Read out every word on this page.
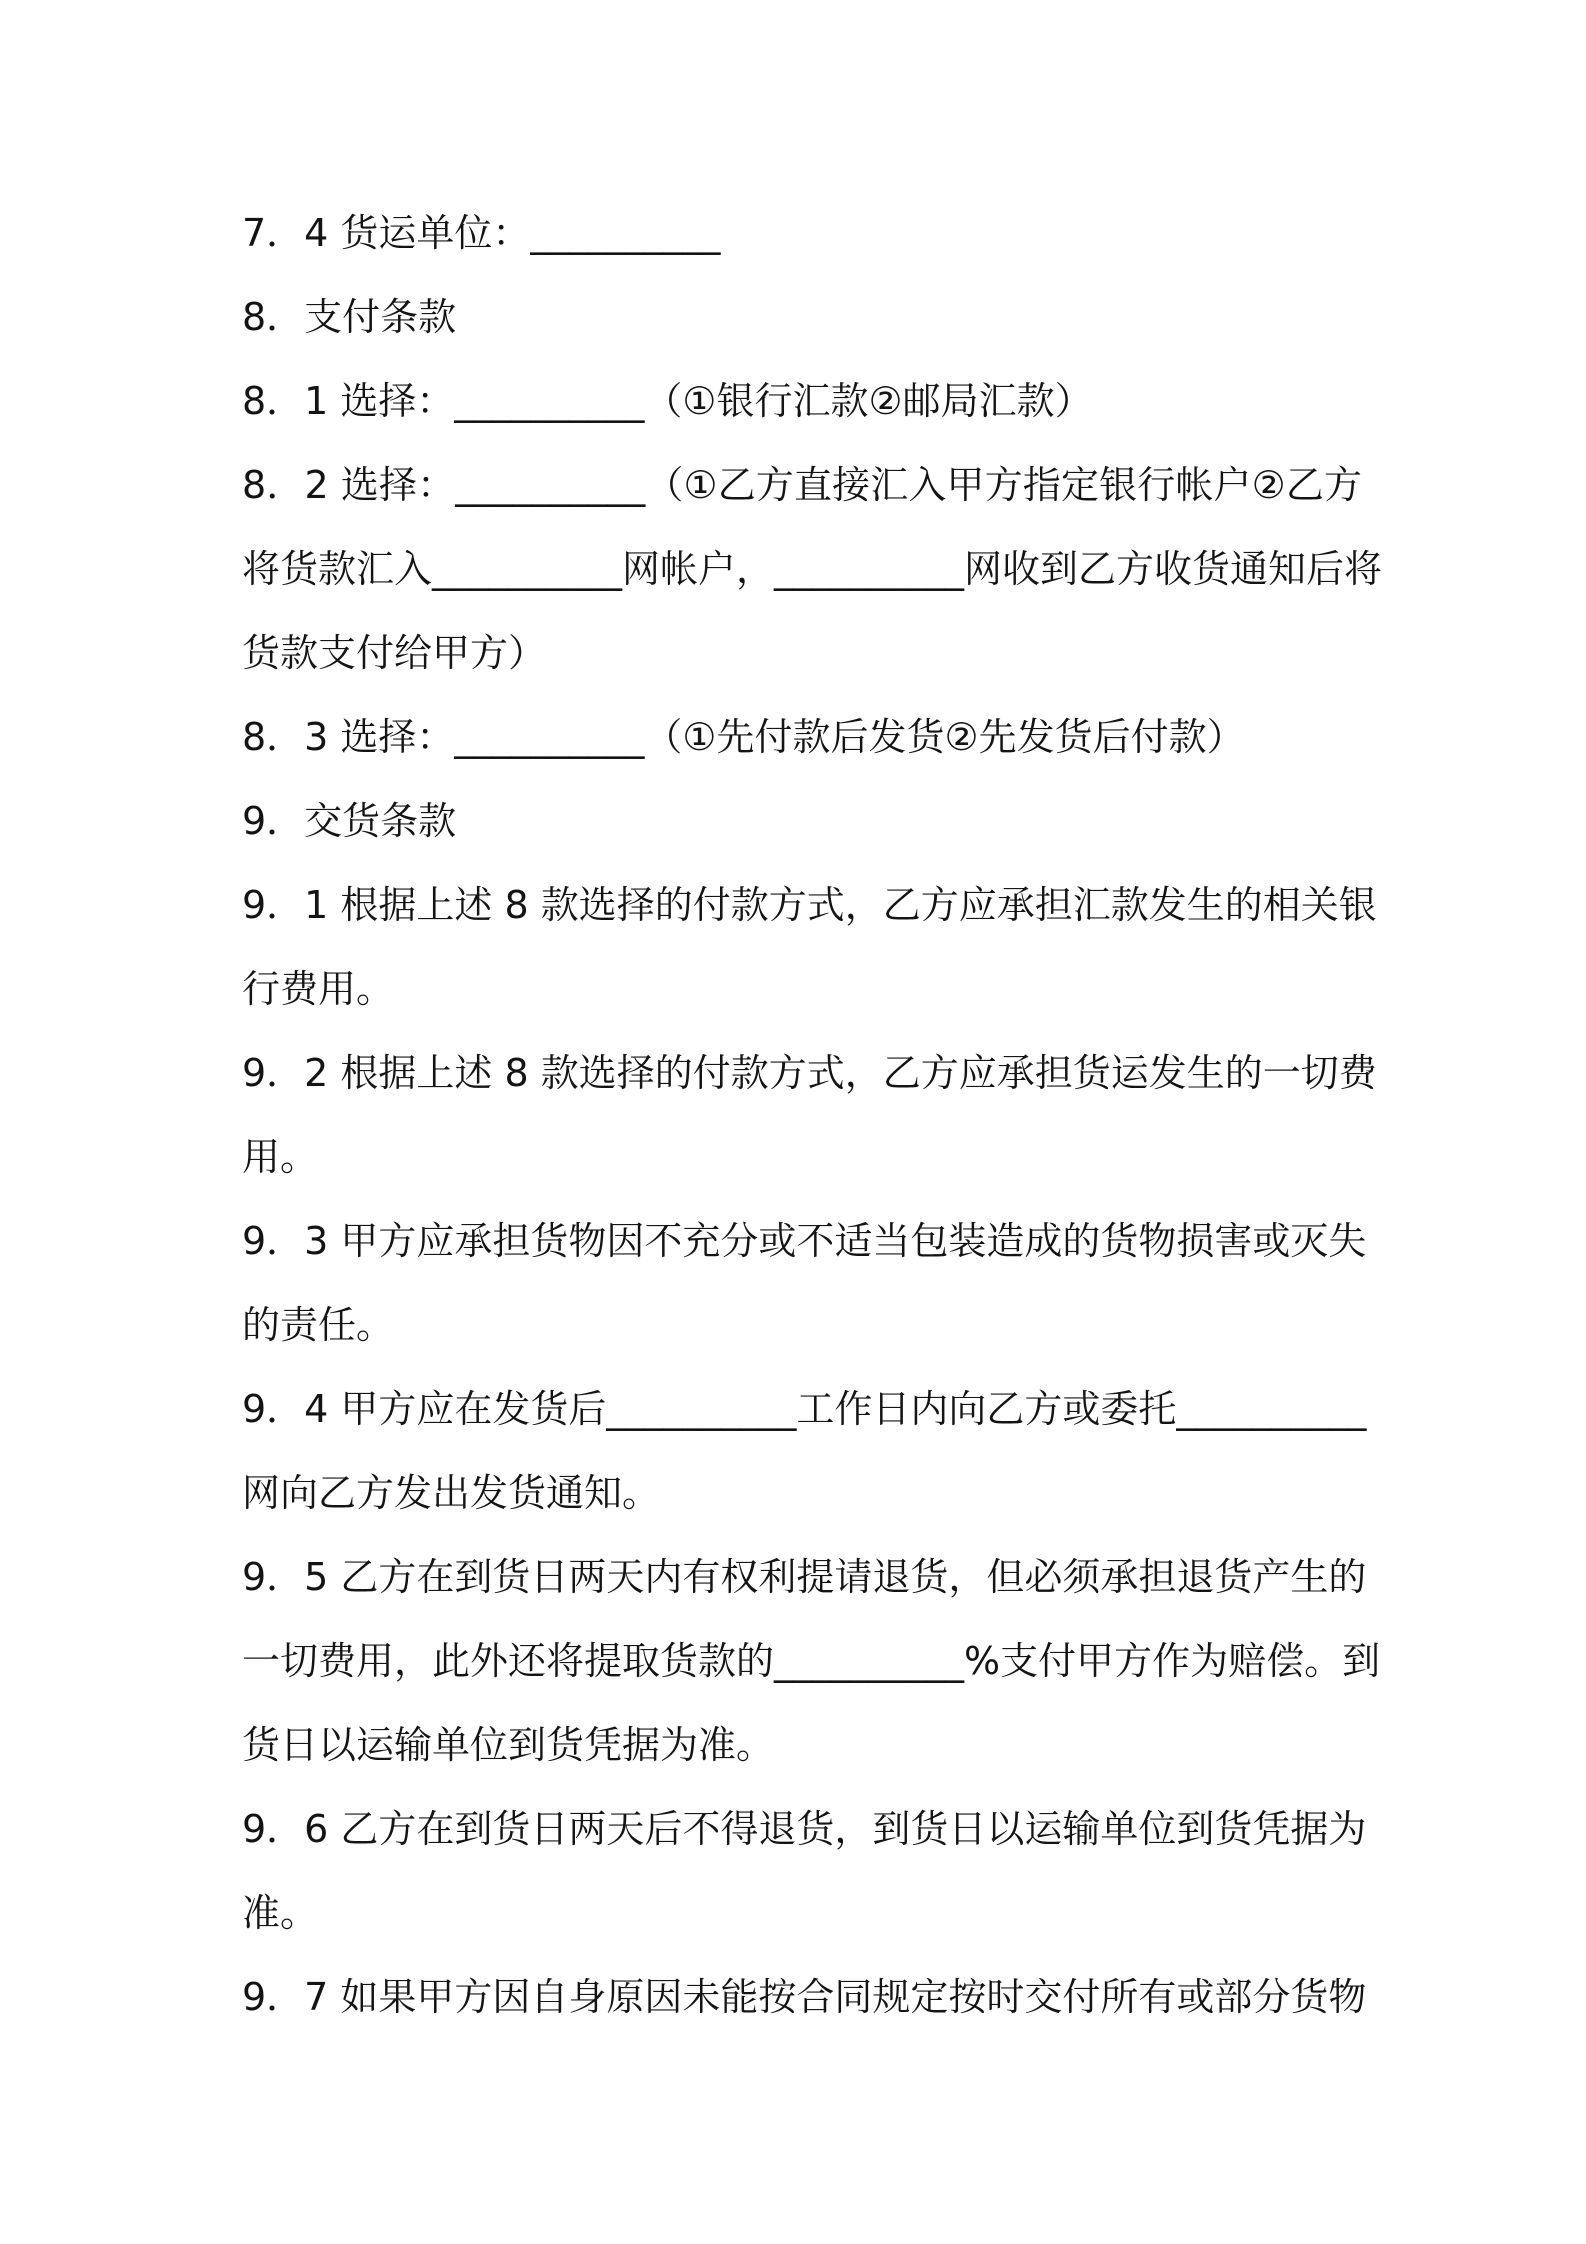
7．4 货运单位：__________
8．支付条款
8．1 选择：__________（①银行汇款②邮局汇款）
8．2 选择：__________（①乙方直接汇入甲方指定银行帐户②乙方
将货款汇入__________网帐户，__________网收到乙方收货通知后将
货款支付给甲方）
8．3 选择：__________（①先付款后发货②先发货后付款）
9．交货条款
9．1 根据上述 8 款选择的付款方式，乙方应承担汇款发生的相关银
行费用。
9．2 根据上述 8 款选择的付款方式，乙方应承担货运发生的一切费
用。
9．3 甲方应承担货物因不充分或不适当包装造成的货物损害或灭失
的责任。
9．4 甲方应在发货后__________工作日内向乙方或委托__________
网向乙方发出发货通知。
9．5 乙方在到货日两天内有权利提请退货，但必须承担退货产生的
一切费用，此外还将提取货款的__________%支付甲方作为赔偿。到
货日以运输单位到货凭据为准。
9．6 乙方在到货日两天后不得退货，到货日以运输单位到货凭据为
准。
9．7 如果甲方因自身原因未能按合同规定按时交付所有或部分货物
